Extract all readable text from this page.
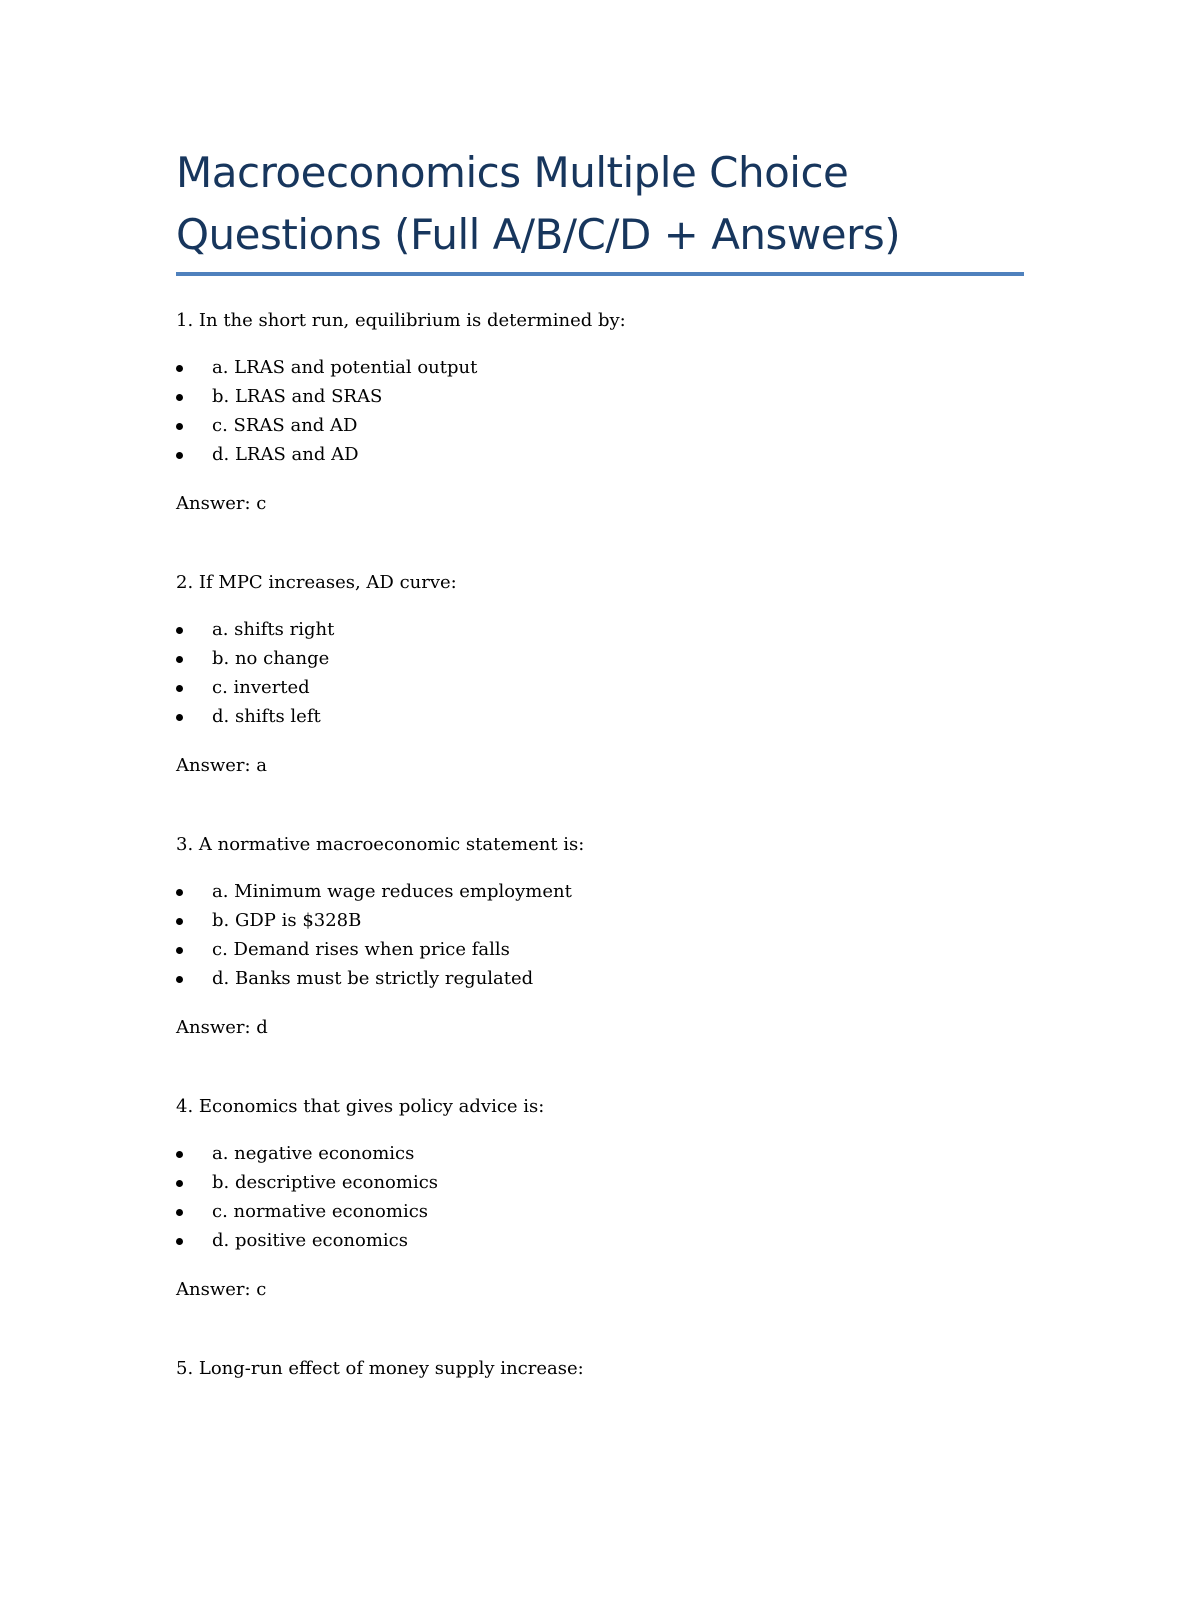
Macroeconomics Multiple Choice
Questions (Full A/B/C/D + Answers)
1. In the short run, equilibrium is determined by:
a. LRAS and potential output
b. LRAS and SRAS
c. SRAS and AD
d. LRAS and AD
Answer: c
2. If MPC increases, AD curve:
a. shifts right
b. no change
c. inverted
d. shifts left
Answer: a
3. A normative macroeconomic statement is:
a. Minimum wage reduces employment
b. GDP is $328B
c. Demand rises when price falls
d. Banks must be strictly regulated
Answer: d
4. Economics that gives policy advice is:
a. negative economics
b. descriptive economics
c. normative economics
d. positive economics
Answer: c
5. Long-run effect of money supply increase:
